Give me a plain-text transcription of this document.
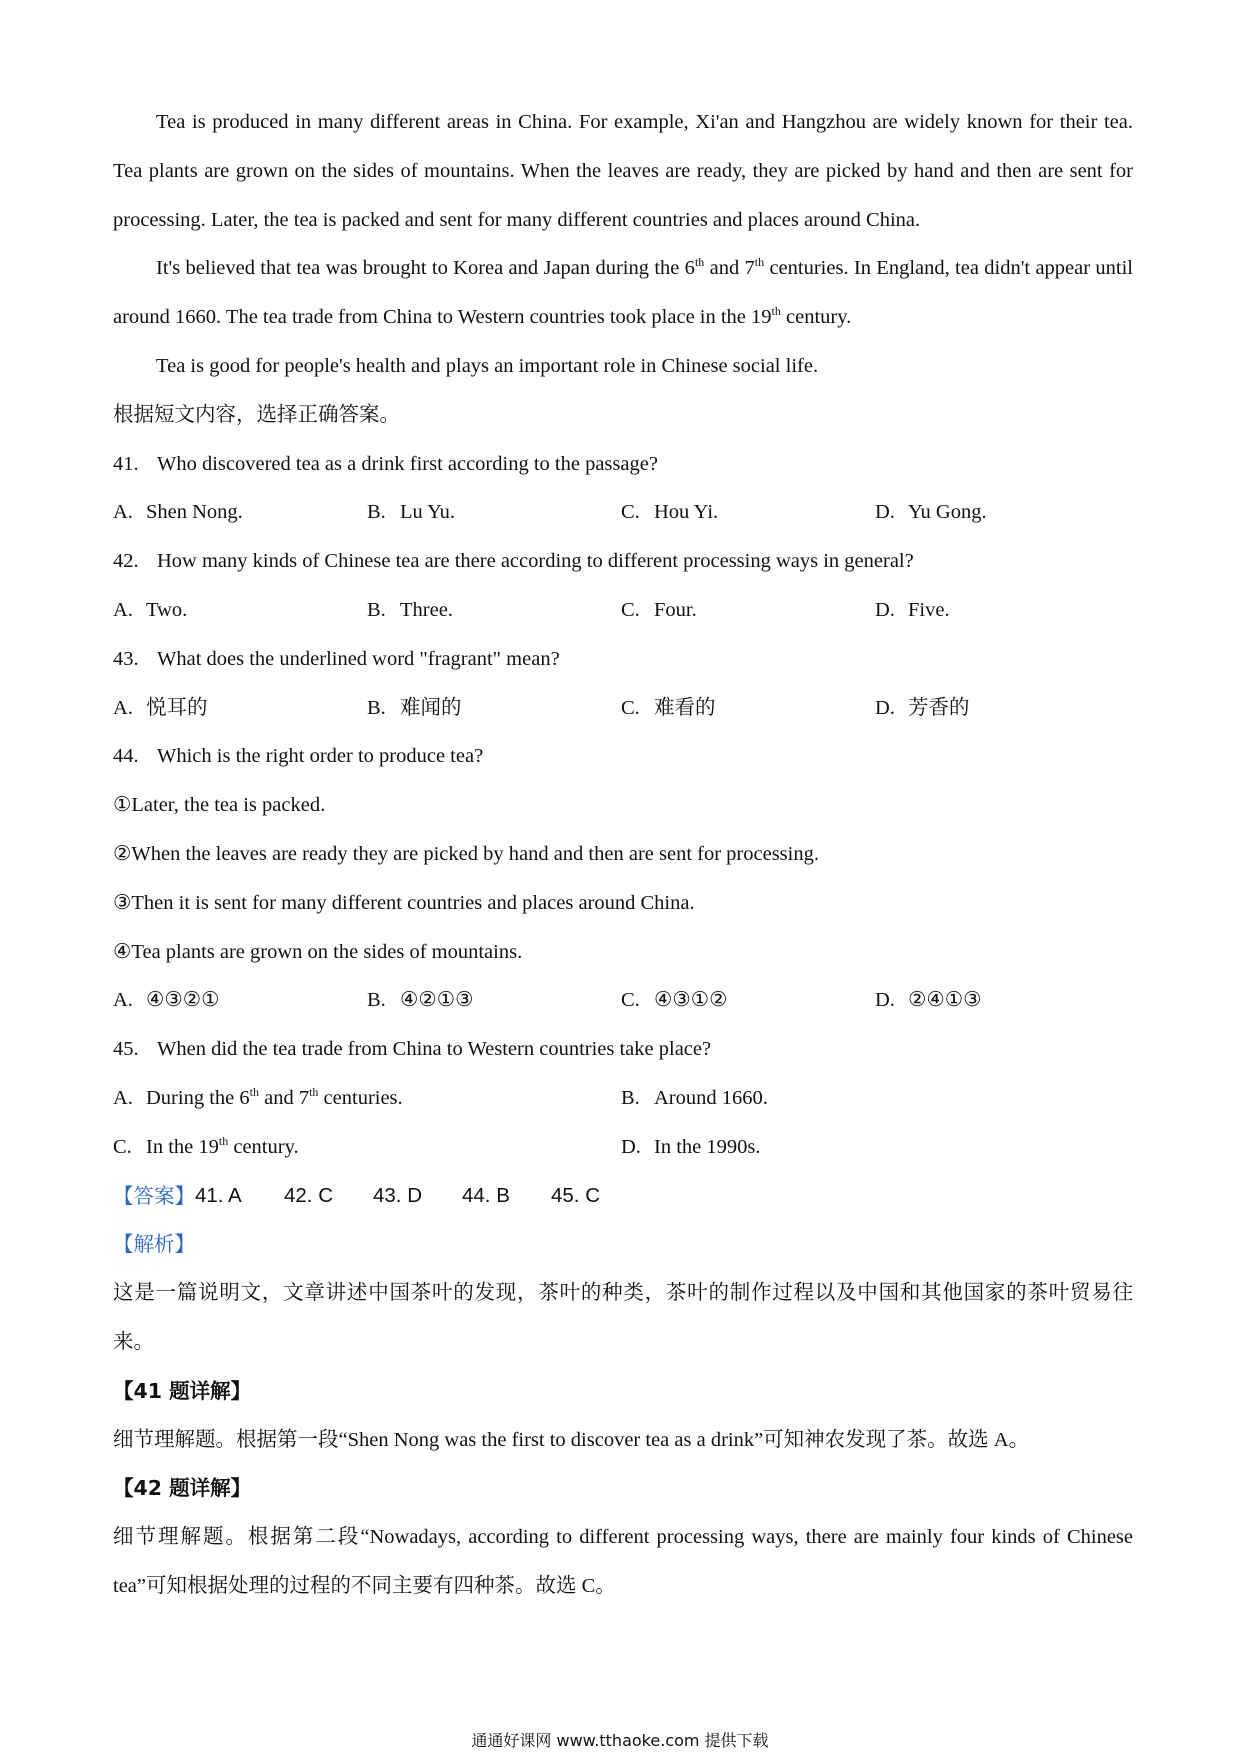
Tea is produced in many different areas in China. For example, Xi'an and Hangzhou are widely known for their tea. Tea plants are grown on the sides of mountains. When the leaves are ready, they are picked by hand and then are sent for processing. Later, the tea is packed and sent for many different countries and places around China.

It's believed that tea was brought to Korea and Japan during the 6th and 7th centuries. In England, tea didn't appear until around 1660. The tea trade from China to Western countries took place in the 19th century.

Tea is good for people's health and plays an important role in Chinese social life.

根据短文内容，选择正确答案。

41. Who discovered tea as a drink first according to the passage?

A. Shen Nong.	B. Lu Yu.	C. Hou Yi.	D. Yu Gong.

42. How many kinds of Chinese tea are there according to different processing ways in general?

A. Two.	B. Three.	C. Four.	D. Five.

43. What does the underlined word "fragrant" mean?

A. 悦耳的	B. 难闻的	C. 难看的	D. 芳香的

44. Which is the right order to produce tea?

①Later, the tea is packed.

②When the leaves are ready they are picked by hand and then are sent for processing.

③Then it is sent for many different countries and places around China.

④Tea plants are grown on the sides of mountains.

A. ④③②①	B. ④②①③	C. ④③①②	D. ②④①③

45. When did the tea trade from China to Western countries take place?

A. During the 6th and 7th centuries.	B. Around 1660.
C. In the 19th century.	D. In the 1990s.
【答案】 41. A	42. C	43. D	44. B	45. C

【解析】

这是一篇说明文，文章讲述中国茶叶的发现，茶叶的种类，茶叶的制作过程以及中国和其他国家的茶叶贸易往来。

【41 题详解】

细节理解题。根据第一段“Shen Nong was the first to discover tea as a drink”可知神农发现了茶。故选 A。

【42 题详解】

细节理解题。根据第二段“Nowadays, according to different processing ways, there are mainly four kinds of Chinese tea”可知根据处理的过程的不同主要有四种茶。故选 C。

通通好课网 www.tthaoke.com 提供下载
